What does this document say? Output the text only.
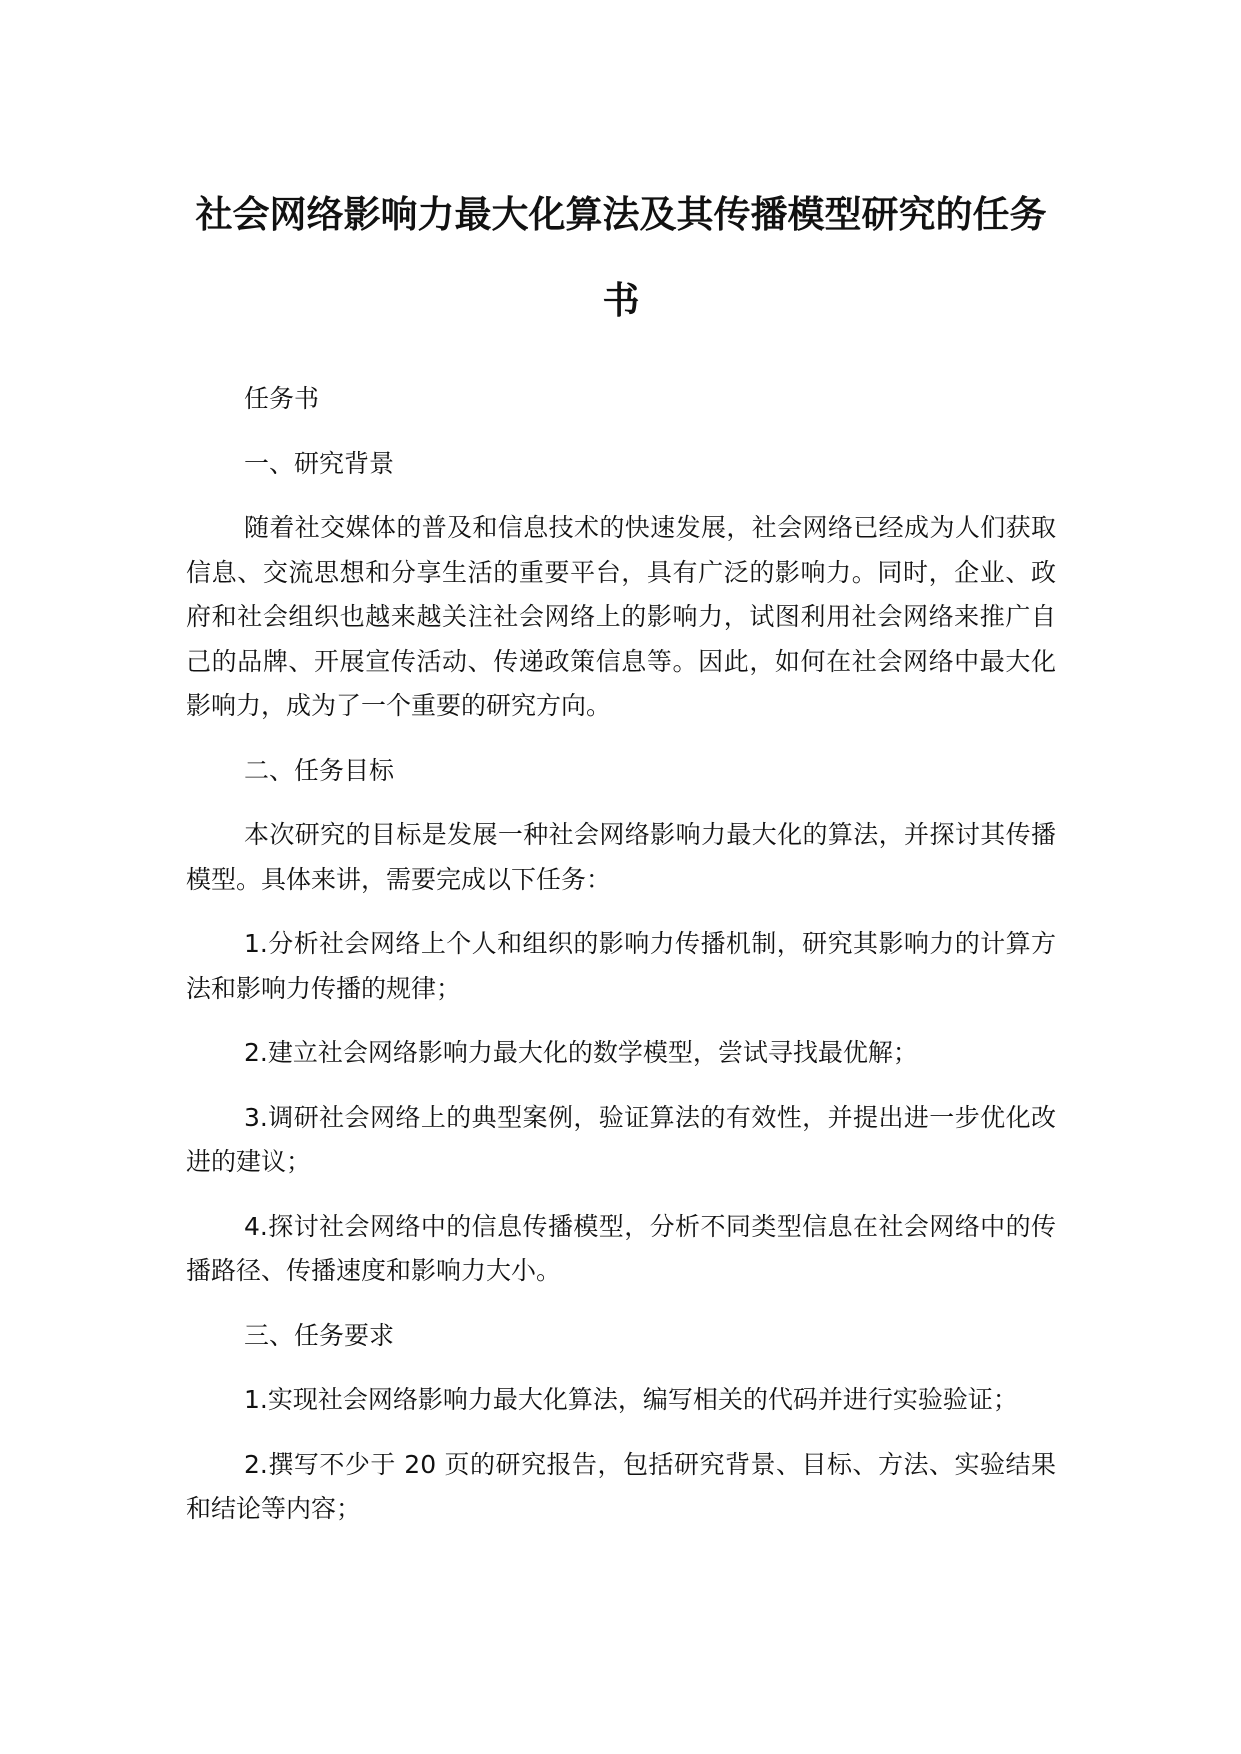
社会网络影响力最大化算法及其传播模型研究的任务书

任务书

一、研究背景

随着社交媒体的普及和信息技术的快速发展，社会网络已经成为人们获取信息、交流思想和分享生活的重要平台，具有广泛的影响力。同时，企业、政府和社会组织也越来越关注社会网络上的影响力，试图利用社会网络来推广自己的品牌、开展宣传活动、传递政策信息等。因此，如何在社会网络中最大化影响力，成为了一个重要的研究方向。

二、任务目标

本次研究的目标是发展一种社会网络影响力最大化的算法，并探讨其传播模型。具体来讲，需要完成以下任务：

1.分析社会网络上个人和组织的影响力传播机制，研究其影响力的计算方法和影响力传播的规律；

2.建立社会网络影响力最大化的数学模型，尝试寻找最优解；

3.调研社会网络上的典型案例，验证算法的有效性，并提出进一步优化改进的建议；

4.探讨社会网络中的信息传播模型，分析不同类型信息在社会网络中的传播路径、传播速度和影响力大小。

三、任务要求

1.实现社会网络影响力最大化算法，编写相关的代码并进行实验验证；

2.撰写不少于 20 页的研究报告，包括研究背景、目标、方法、实验结果和结论等内容；
